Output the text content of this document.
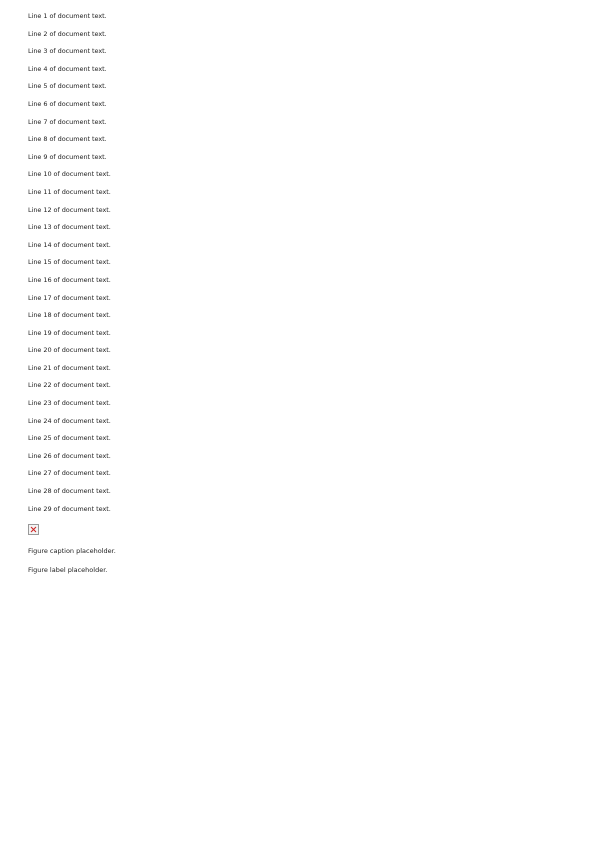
Line 1 of document text.

Line 2 of document text.

Line 3 of document text.

Line 4 of document text.

Line 5 of document text.

Line 6 of document text.

Line 7 of document text.

Line 8 of document text.

Line 9 of document text.

Line 10 of document text.

Line 11 of document text.

Line 12 of document text.

Line 13 of document text.

Line 14 of document text.

Line 15 of document text.

Line 16 of document text.

Line 17 of document text.

Line 18 of document text.

Line 19 of document text.

Line 20 of document text.

Line 21 of document text.

Line 22 of document text.

Line 23 of document text.

Line 24 of document text.

Line 25 of document text.

Line 26 of document text.

Line 27 of document text.

Line 28 of document text.

Line 29 of document text.

Figure caption placeholder.

Figure label placeholder.
